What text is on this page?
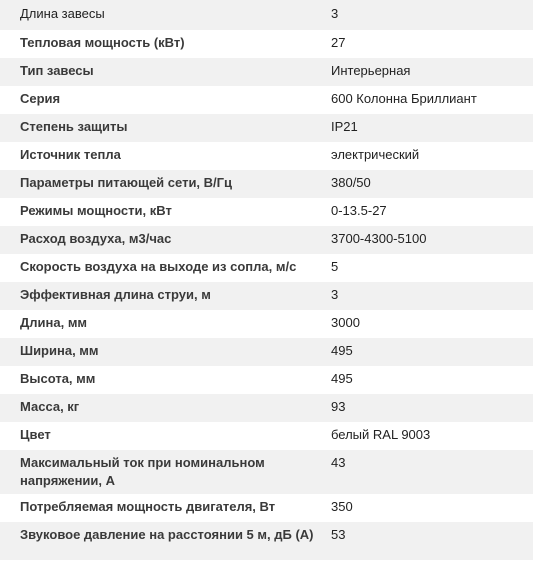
Длина завесы	3
Тепловая мощность (кВт)	27
Тип завесы	Интерьерная
Серия	600 Колонна Бриллиант
Степень защиты	IP21
Источник тепла	электрический
Параметры питающей сети, В/Гц	380/50
Режимы мощности, кВт	0-13.5-27
Расход воздуха, м3/час	3700-4300-5100
Скорость воздуха на выходе из сопла, м/с	5
Эффективная длина струи, м	3
Длина, мм	3000
Ширина, мм	495
Высота, мм	495
Масса, кг	93
Цвет	белый RAL 9003
Максимальный ток при номинальном напряжении, А	43
Потребляемая мощность двигателя, Вт	350
Звуковое давление на расстоянии 5 м, дБ (А)	53
